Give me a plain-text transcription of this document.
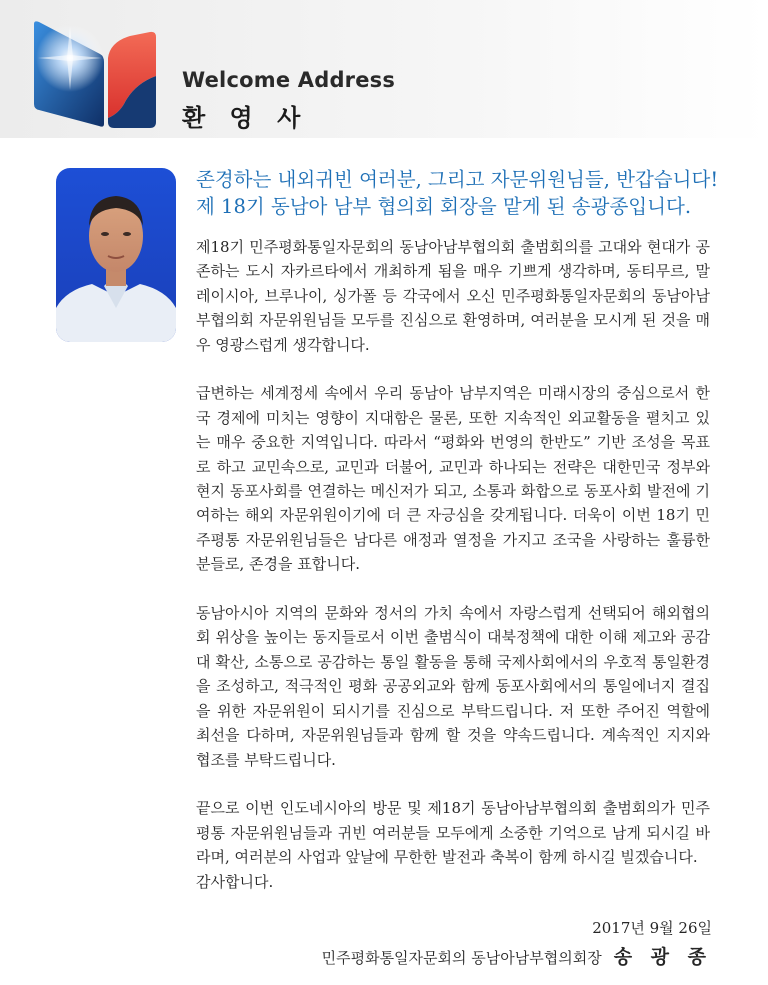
Welcome Address
환 영 사

존경하는 내외귀빈 여러분, 그리고 자문위원님들, 반갑습니다!

제 18기 동남아 남부 협의회 회장을 맡게 된 송광종입니다.

제18기 민주평화통일자문회의 동남아남부협의회 출범회의를 고대와 현대가 공존하는 도시 자카르타에서 개최하게 됨을 매우 기쁘게 생각하며, 동티무르, 말레이시아, 브루나이, 싱가폴 등 각국에서 오신 민주평화통일자문회의 동남아남부협의회 자문위원님들 모두를 진심으로 환영하며, 여러분을 모시게 된 것을 매우 영광스럽게 생각합니다.

급변하는 세계정세 속에서 우리 동남아 남부지역은 미래시장의 중심으로서 한국 경제에 미치는 영향이 지대함은 물론, 또한 지속적인 외교활동을 펼치고 있는 매우 중요한 지역입니다. 따라서 “평화와 번영의 한반도” 기반 조성을 목표로 하고 교민속으로, 교민과 더불어, 교민과 하나되는 전략은 대한민국 정부와 현지 동포사회를 연결하는 메신저가 되고, 소통과 화합으로 동포사회 발전에 기여하는 해외 자문위원이기에 더 큰 자긍심을 갖게됩니다. 더욱이 이번 18기 민주평통 자문위원님들은 남다른 애정과 열정을 가지고 조국을 사랑하는 훌륭한 분들로, 존경을 표합니다.

동남아시아 지역의 문화와 정서의 가치 속에서 자랑스럽게 선택되어 해외협의회 위상을 높이는 동지들로서 이번 출범식이 대북정책에 대한 이해 제고와 공감대 확산, 소통으로 공감하는 통일 활동을 통해 국제사회에서의 우호적 통일환경을 조성하고, 적극적인 평화 공공외교와 함께 동포사회에서의 통일에너지 결집을 위한 자문위원이 되시기를 진심으로 부탁드립니다. 저 또한 주어진 역할에 최선을 다하며, 자문위원님들과 함께 할 것을 약속드립니다. 계속적인 지지와 협조를 부탁드립니다.

끝으로 이번 인도네시아의 방문 및 제18기 동남아남부협의회 출범회의가 민주평통 자문위원님들과 귀빈 여러분들 모두에게 소중한 기억으로 남게 되시길 바라며, 여러분의 사업과 앞날에 무한한 발전과 축복이 함께 하시길 빌겠습니다.

감사합니다.

2017년 9월 26일

민주평화통일자문회의 동남아남부협의회장 송 광 종
